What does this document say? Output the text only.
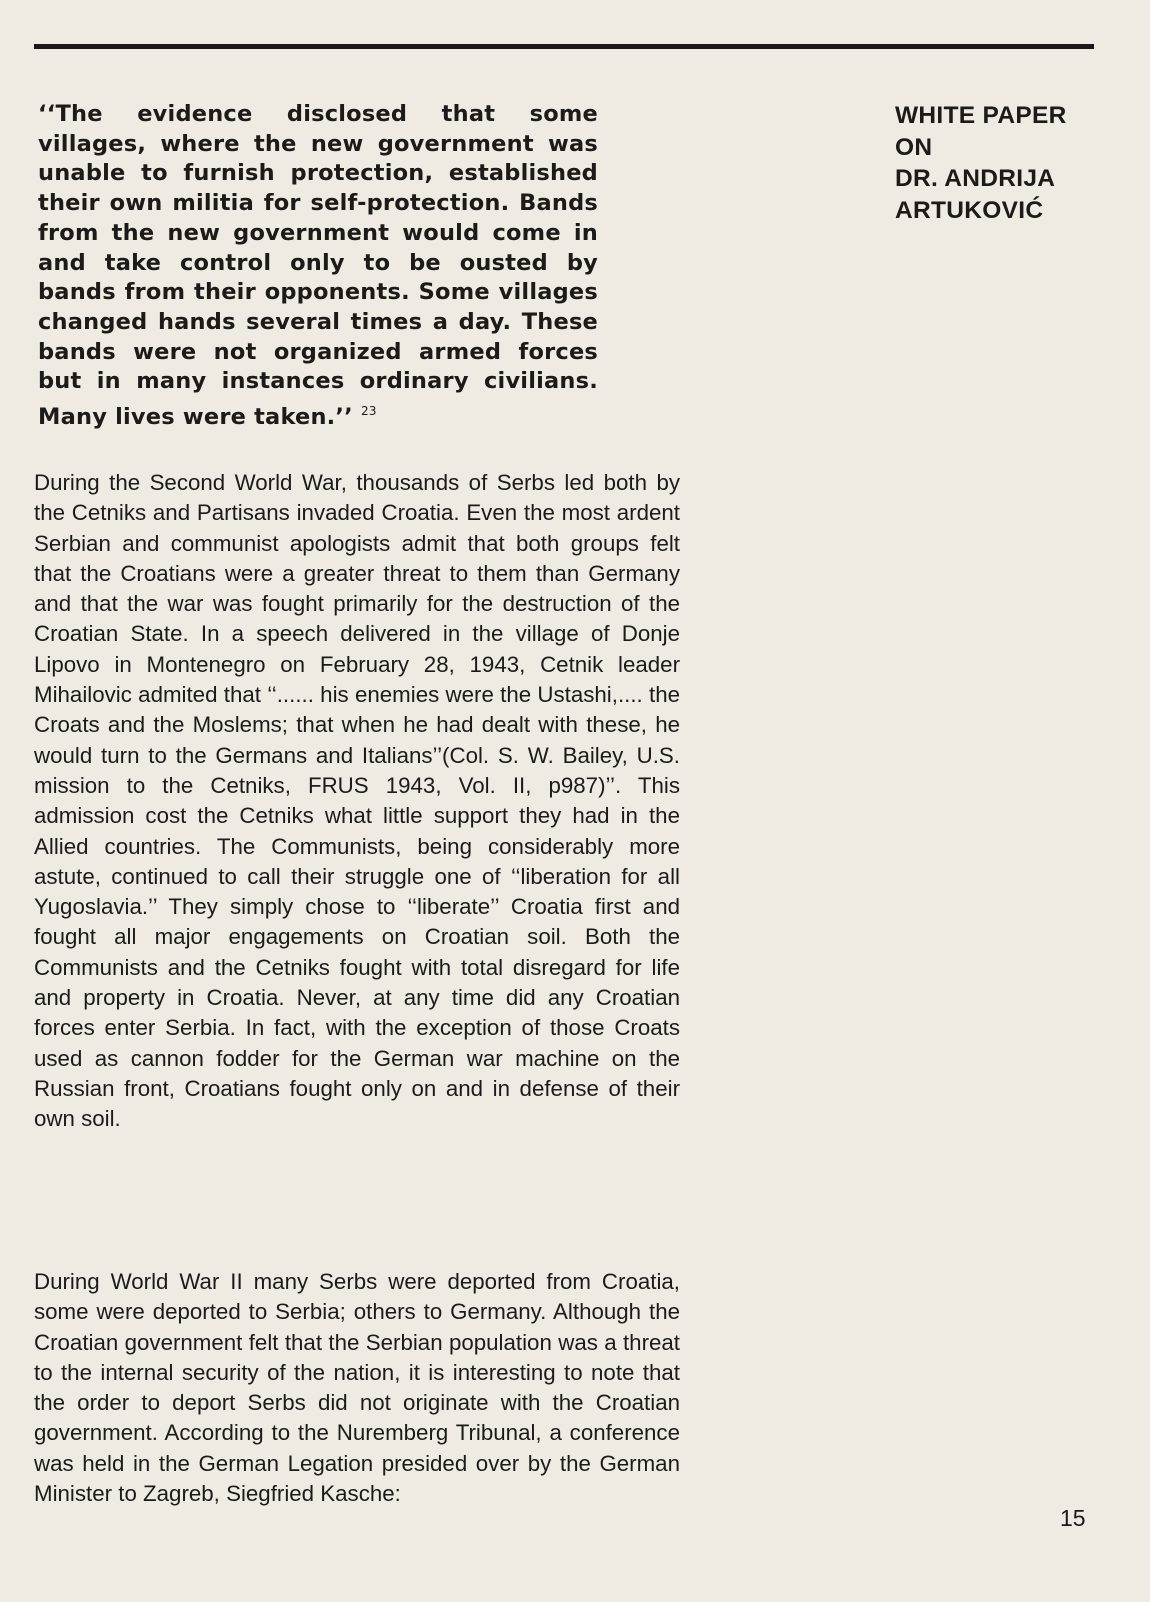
‘‘The evidence disclosed that some villages, where the new government was unable to furnish protection, established their own militia for self-protection. Bands from the new government would come in and take control only to be ousted by bands from their opponents. Some villages changed hands several times a day. These bands were not organized armed forces but in many instances ordinary civilians. Many lives were taken.’’ $^{23}$

WHITE PAPER
ON
DR. ANDRIJA
ARTUKOVIĆ

During the Second World War, thousands of Serbs led both by the Cetniks and Partisans invaded Croatia. Even the most ardent Serbian and communist apologists admit that both groups felt that the Croatians were a greater threat to them than Germany and that the war was fought primarily for the destruction of the Croatian State. In a speech delivered in the village of Donje Lipovo in Montenegro on February 28, 1943, Cetnik leader Mihailovic admited that ‘‘...... his enemies were the Ustashi,.... the Croats and the Moslems; that when he had dealt with these, he would turn to the Germans and Italians’’(Col. S. W. Bailey, U.S. mission to the Cetniks, FRUS 1943, Vol. II, p987)’’. This admission cost the Cetniks what little support they had in the Allied countries. The Communists, being considerably more astute, continued to call their struggle one of ‘‘liberation for all Yugoslavia.’’ They simply chose to ‘‘liberate’’ Croatia first and fought all major engagements on Croatian soil. Both the Communists and the Cetniks fought with total disregard for life and property in Croatia. Never, at any time did any Croatian forces enter Serbia. In fact, with the exception of those Croats used as cannon fodder for the German war machine on the Russian front, Croatians fought only on and in defense of their own soil.

During World War II many Serbs were deported from Croatia, some were deported to Serbia; others to Germany. Although the Croatian government felt that the Serbian population was a threat to the internal security of the nation, it is interesting to note that the order to deport Serbs did not originate with the Croatian government. According to the Nuremberg Tribunal, a conference was held in the German Legation presided over by the German Minister to Zagreb, Siegfried Kasche:

15
